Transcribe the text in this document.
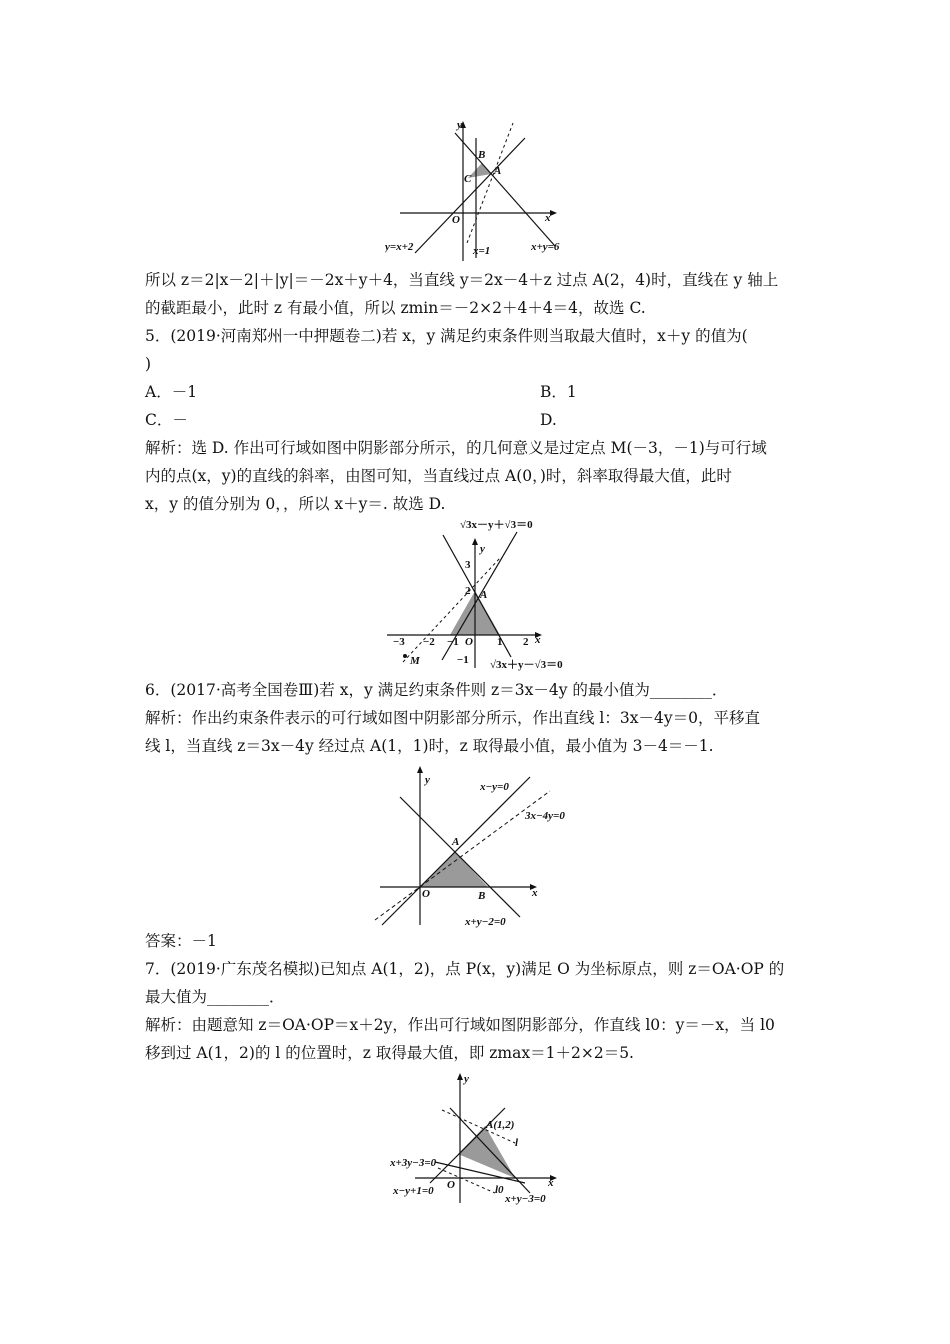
y
x
O
B
A
C
y=x+2	x=1	x+y=6
所以 z＝2|x－2|＋|y|＝－2x＋y＋4，当直线 y＝2x－4＋z 过点 A(2，4)时，直线在 y 轴上
的截距最小，此时 z 有最小值，所以 zmin＝－2×2＋4＋4＝4，故选 C.
5．(2019·河南郑州一中押题卷二)若 x，y 满足约束条件则当取最大值时，x＋y 的值为(
)
A．－1	B．1
C．－	D.
解析：选 D. 作出可行域如图中阴影部分所示，的几何意义是过定点 M(－3，－1)与可行域
内的点(x，y)的直线的斜率，由图可知，当直线过点 A(0，)时，斜率取得最大值，此时
x，y 的值分别为 0，，所以 x＋y＝. 故选 D.
√3x－y＋√3＝0
√3x＋y－√3＝0
y
x
O
A
M
3
2
−1
−3 −2 −1	1 2
6．(2017·高考全国卷Ⅲ)若 x，y 满足约束条件则 z＝3x－4y 的最小值为________．
解析：作出约束条件表示的可行域如图中阴影部分所示，作出直线 l：3x－4y＝0，平移直
线 l，当直线 z＝3x－4y 经过点 A(1，1)时，z 取得最小值，最小值为 3－4＝－1.
x−y=0
3x−4y=0
x+y−2=0
y
x
O
A
B
答案：－1
7．(2019·广东茂名模拟)已知点 A(1，2)，点 P(x，y)满足 O 为坐标原点，则 z＝OA·OP 的
最大值为________．
解析：由题意知 z＝OA·OP＝x＋2y，作出可行域如图阴影部分，作直线 l0：y＝－x，当 l0
移到过 A(1，2)的 l 的位置时，z 取得最大值，即 zmax＝1＋2×2＝5.
y
x
O
A(1,2)
l
l0
x+3y−3=0
x−y+1=0
x+y−3=0
